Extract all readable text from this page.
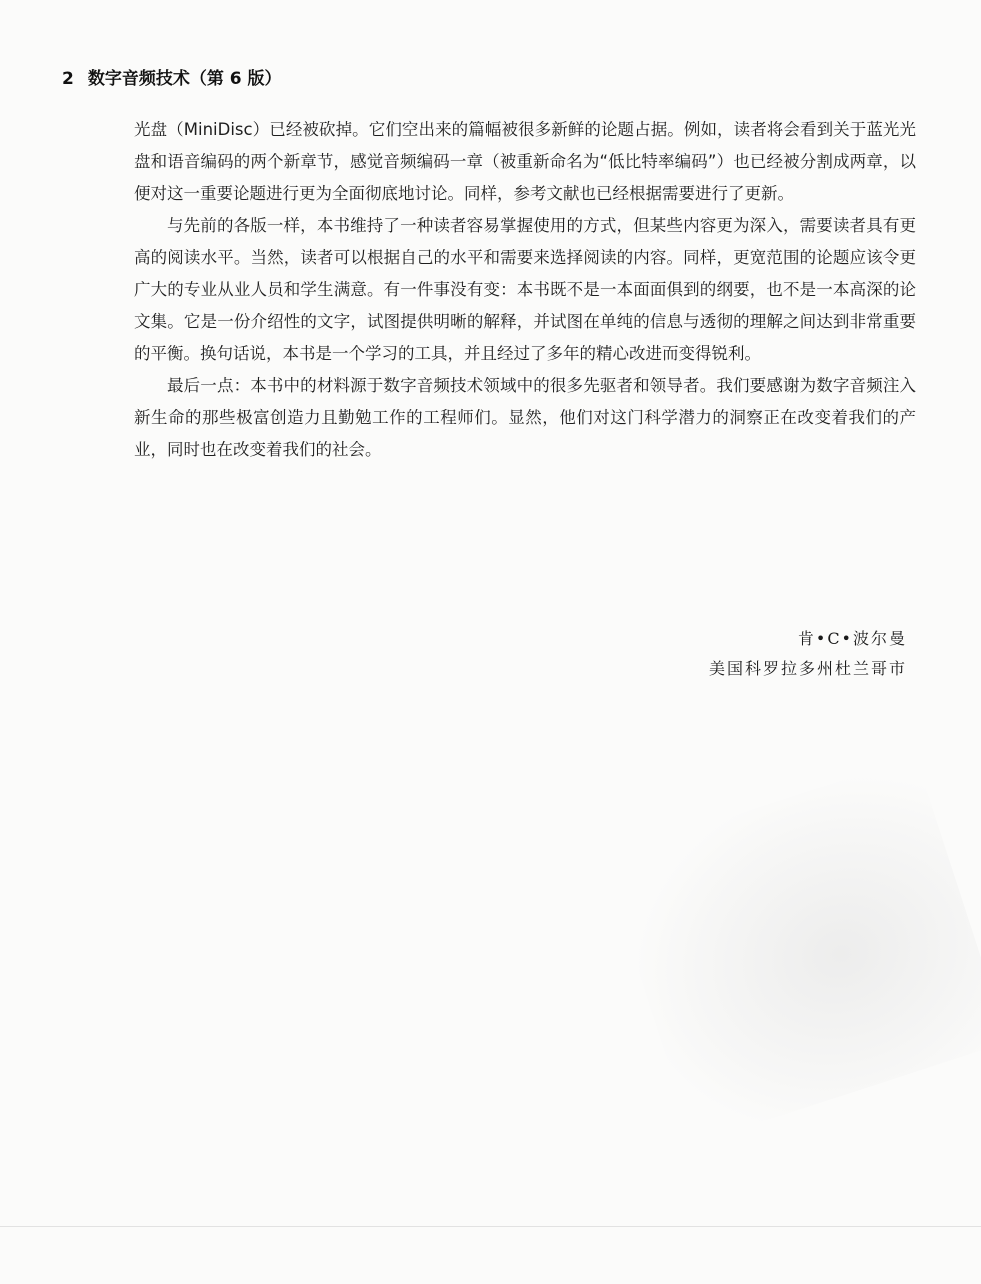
2 数字音频技术（第 6 版）

光盘（MiniDisc）已经被砍掉。它们空出来的篇幅被很多新鲜的论题占据。例如，读者将会看到关于蓝光光盘和语音编码的两个新章节，感觉音频编码一章（被重新命名为“低比特率编码”）也已经被分割成两章，以便对这一重要论题进行更为全面彻底地讨论。同样，参考文献也已经根据需要进行了更新。

与先前的各版一样，本书维持了一种读者容易掌握使用的方式，但某些内容更为深入，需要读者具有更高的阅读水平。当然，读者可以根据自己的水平和需要来选择阅读的内容。同样，更宽范围的论题应该令更广大的专业从业人员和学生满意。有一件事没有变：本书既不是一本面面俱到的纲要，也不是一本高深的论文集。它是一份介绍性的文字，试图提供明晰的解释，并试图在单纯的信息与透彻的理解之间达到非常重要的平衡。换句话说，本书是一个学习的工具，并且经过了多年的精心改进而变得锐利。

最后一点：本书中的材料源于数字音频技术领域中的很多先驱者和领导者。我们要感谢为数字音频注入新生命的那些极富创造力且勤勉工作的工程师们。显然，他们对这门科学潜力的洞察正在改变着我们的产业，同时也在改变着我们的社会。

肯•C•波尔曼
美国科罗拉多州杜兰哥市
